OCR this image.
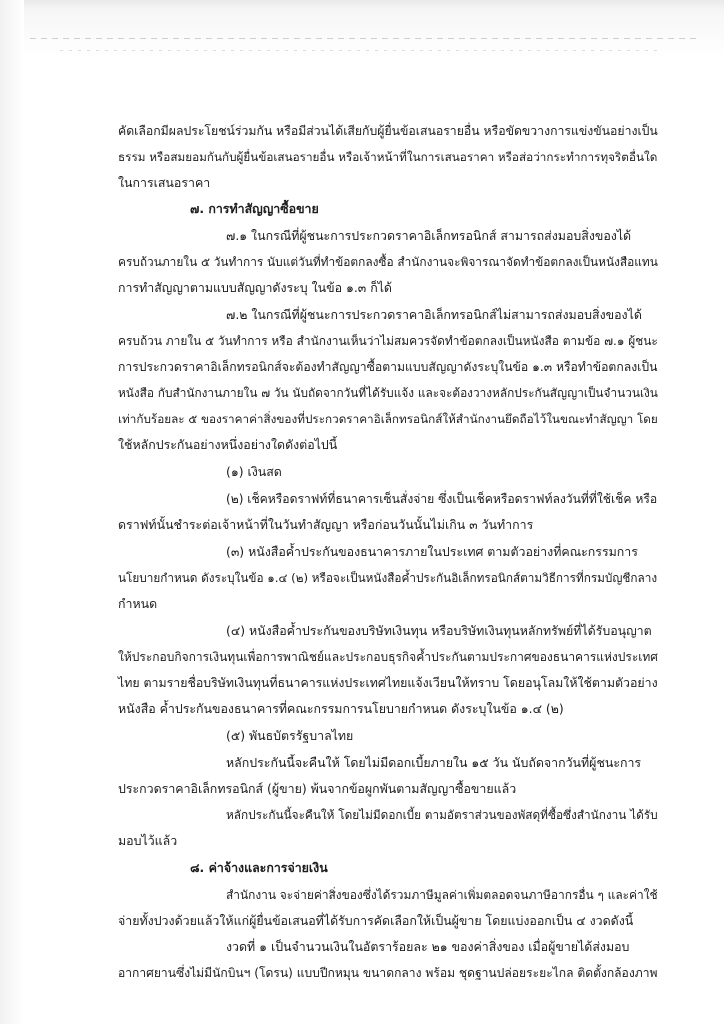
คัดเลือกมีผลประโยชน์ร่วมกัน หรือมีส่วนได้เสียกับผู้ยื่นข้อเสนอรายอื่น หรือขัดขวางการแข่งขันอย่างเป็น
ธรรม หรือสมยอมกันกับผู้ยื่นข้อเสนอรายอื่น หรือเจ้าหน้าที่ในการเสนอราคา หรือส่อว่ากระทำการทุจริตอื่นใด
ในการเสนอราคา
๗. การทำสัญญาซื้อขาย
๗.๑ ในกรณีที่ผู้ชนะการประกวดราคาอิเล็กทรอนิกส์ สามารถส่งมอบสิ่งของได้
ครบถ้วนภายใน ๕ วันทำการ นับแต่วันที่ทำข้อตกลงซื้อ สำนักงานจะพิจารณาจัดทำข้อตกลงเป็นหนังสือแทน
การทำสัญญาตามแบบสัญญาดังระบุ ในข้อ ๑.๓ ก็ได้
๗.๒ ในกรณีที่ผู้ชนะการประกวดราคาอิเล็กทรอนิกส์ไม่สามารถส่งมอบสิ่งของได้
ครบถ้วน ภายใน ๕ วันทำการ หรือ สำนักงานเห็นว่าไม่สมควรจัดทำข้อตกลงเป็นหนังสือ ตามข้อ ๗.๑ ผู้ชนะ
การประกวดราคาอิเล็กทรอนิกส์จะต้องทำสัญญาซื้อตามแบบสัญญาดังระบุในข้อ ๑.๓ หรือทำข้อตกลงเป็น
หนังสือ กับสำนักงานภายใน ๗ วัน นับถัดจากวันที่ได้รับแจ้ง และจะต้องวางหลักประกันสัญญาเป็นจำนวนเงิน
เท่ากับร้อยละ ๕ ของราคาค่าสิ่งของที่ประกวดราคาอิเล็กทรอนิกส์ให้สำนักงานยึดถือไว้ในขณะทำสัญญา โดย
ใช้หลักประกันอย่างหนึ่งอย่างใดดังต่อไปนี้
(๑) เงินสด
(๒) เช็คหรือดราฟท์ที่ธนาคารเซ็นสั่งจ่าย ซึ่งเป็นเช็คหรือดราฟท์ลงวันที่ที่ใช้เช็ค หรือ
ดราฟท์นั้นชำระต่อเจ้าหน้าที่ในวันทำสัญญา หรือก่อนวันนั้นไม่เกิน ๓ วันทำการ
(๓) หนังสือค้ำประกันของธนาคารภายในประเทศ ตามตัวอย่างที่คณะกรรมการ
นโยบายกำหนด ดังระบุในข้อ ๑.๔ (๒) หรือจะเป็นหนังสือค้ำประกันอิเล็กทรอนิกส์ตามวิธีการที่กรมบัญชีกลาง
กำหนด
(๔) หนังสือค้ำประกันของบริษัทเงินทุน หรือบริษัทเงินทุนหลักทรัพย์ที่ได้รับอนุญาต
ให้ประกอบกิจการเงินทุนเพื่อการพาณิชย์และประกอบธุรกิจค้ำประกันตามประกาศของธนาคารแห่งประเทศ
ไทย ตามรายชื่อบริษัทเงินทุนที่ธนาคารแห่งประเทศไทยแจ้งเวียนให้ทราบ โดยอนุโลมให้ใช้ตามตัวอย่าง
หนังสือ ค้ำประกันของธนาคารที่คณะกรรมการนโยบายกำหนด ดังระบุในข้อ ๑.๔ (๒)
(๕) พันธบัตรรัฐบาลไทย
หลักประกันนี้จะคืนให้ โดยไม่มีดอกเบี้ยภายใน ๑๕ วัน นับถัดจากวันที่ผู้ชนะการ
ประกวดราคาอิเล็กทรอนิกส์ (ผู้ขาย) พ้นจากข้อผูกพันตามสัญญาซื้อขายแล้ว
หลักประกันนี้จะคืนให้ โดยไม่มีดอกเบี้ย ตามอัตราส่วนของพัสดุที่ซื้อซึ่งสำนักงาน ได้รับ
มอบไว้แล้ว
๘. ค่าจ้างและการจ่ายเงิน
สำนักงาน จะจ่ายค่าสิ่งของซึ่งได้รวมภาษีมูลค่าเพิ่มตลอดจนภาษีอากรอื่น ๆ และค่าใช้
จ่ายทั้งปวงด้วยแล้วให้แก่ผู้ยื่นข้อเสนอที่ได้รับการคัดเลือกให้เป็นผู้ขาย โดยแบ่งออกเป็น ๔ งวดดังนี้
งวดที่ ๑ เป็นจำนวนเงินในอัตราร้อยละ ๒๑ ของค่าสิ่งของ เมื่อผู้ขายได้ส่งมอบ
อากาศยานซึ่งไม่มีนักบินฯ (โดรน) แบบปีกหมุน ขนาดกลาง พร้อม ชุดฐานปล่อยระยะไกล ติดตั้งกล้องภาพ
